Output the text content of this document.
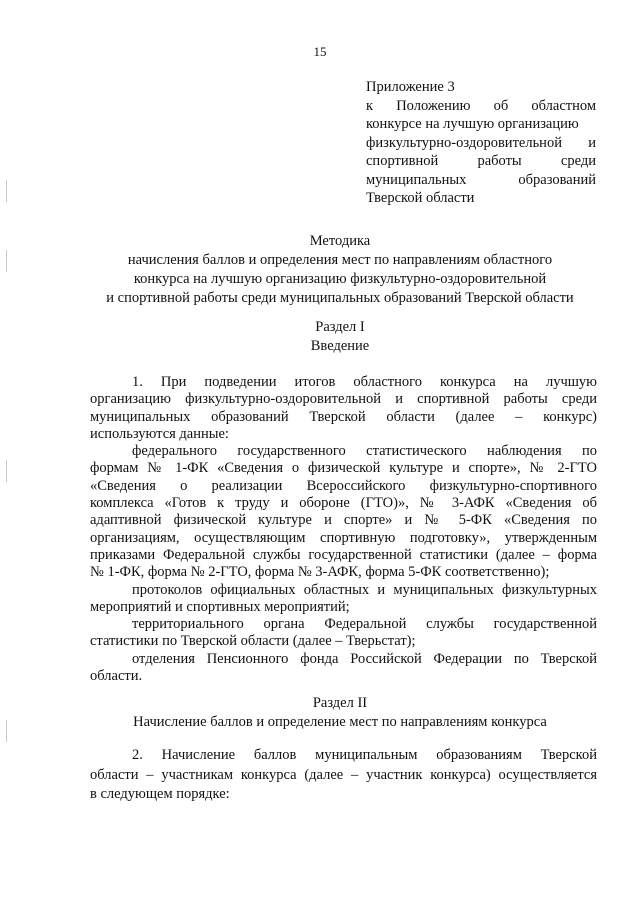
15
Приложение 3
к Положению об областном
конкурсе на лучшую организацию
физкультурно-оздоровительной и
спортивной работы среди
муниципальных образований
Тверской области
Методика
начисления баллов и определения мест по направлениям областного
конкурса на лучшую организацию физкультурно-оздоровительной
и спортивной работы среди муниципальных образований Тверской области
Раздел I
Введение
1. При подведении итогов областного конкурса на лучшую
организацию физкультурно-оздоровительной и спортивной работы среди
муниципальных образований Тверской области (далее – конкурс)
используются данные:
федерального государственного статистического наблюдения по
формам № 1-ФК «Сведения о физической культуре и спорте», № 2-ГТО
«Сведения о реализации Всероссийского физкультурно-спортивного
комплекса «Готов к труду и обороне (ГТО)», № 3-АФК «Сведения об
адаптивной физической культуре и спорте» и № 5-ФК «Сведения по
организациям, осуществляющим спортивную подготовку», утвержденным
приказами Федеральной службы государственной статистики (далее – форма
№ 1-ФК, форма № 2-ГТО, форма № 3-АФК, форма 5-ФК соответственно);
протоколов официальных областных и муниципальных физкультурных
мероприятий и спортивных мероприятий;
территориального органа Федеральной службы государственной
статистики по Тверской области (далее – Тверьстат);
отделения Пенсионного фонда Российской Федерации по Тверской
области.
Раздел II
Начисление баллов и определение мест по направлениям конкурса
2. Начисление баллов муниципальным образованиям Тверской
области – участникам конкурса (далее – участник конкурса) осуществляется
в следующем порядке:
